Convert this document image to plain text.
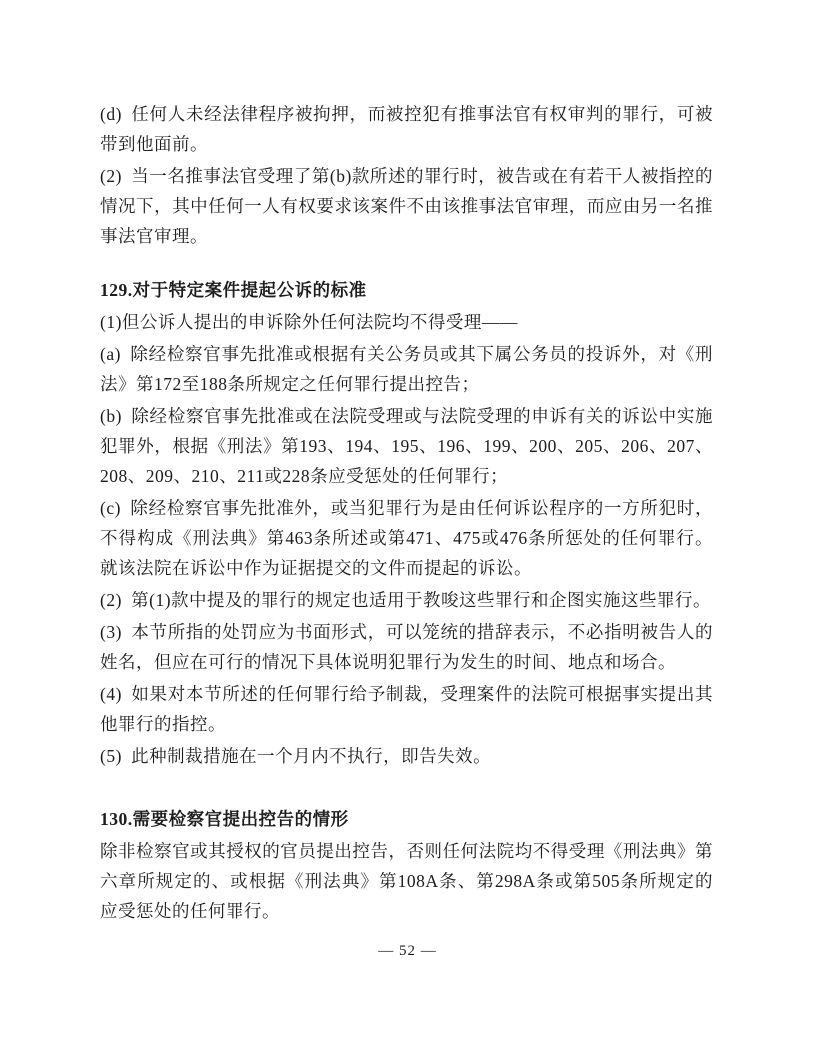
(d) 任何人未经法律程序被拘押，而被控犯有推事法官有权审判的罪行，可被带到他面前。

(2) 当一名推事法官受理了第(b)款所述的罪行时，被告或在有若干人被指控的情况下，其中任何一人有权要求该案件不由该推事法官审理，而应由另一名推事法官审理。

129.对于特定案件提起公诉的标准

(1)但公诉人提出的申诉除外任何法院均不得受理——

(a) 除经检察官事先批准或根据有关公务员或其下属公务员的投诉外，对《刑法》第172至188条所规定之任何罪行提出控告；

(b) 除经检察官事先批准或在法院受理或与法院受理的申诉有关的诉讼中实施犯罪外，根据《刑法》第193、194、195、196、199、200、205、206、207、208、209、210、211或228条应受惩处的任何罪行；

(c) 除经检察官事先批准外，或当犯罪行为是由任何诉讼程序的一方所犯时，不得构成《刑法典》第463条所述或第471、475或476条所惩处的任何罪行。就该法院在诉讼中作为证据提交的文件而提起的诉讼。

(2) 第(1)款中提及的罪行的规定也适用于教唆这些罪行和企图实施这些罪行。

(3) 本节所指的处罚应为书面形式，可以笼统的措辞表示，不必指明被告人的姓名，但应在可行的情况下具体说明犯罪行为发生的时间、地点和场合。

(4) 如果对本节所述的任何罪行给予制裁，受理案件的法院可根据事实提出其他罪行的指控。

(5) 此种制裁措施在一个月内不执行，即告失效。

130.需要检察官提出控告的情形

除非检察官或其授权的官员提出控告，否则任何法院均不得受理《刑法典》第六章所规定的、或根据《刑法典》第108A条、第298A条或第505条所规定的应受惩处的任何罪行。

— 52 —
